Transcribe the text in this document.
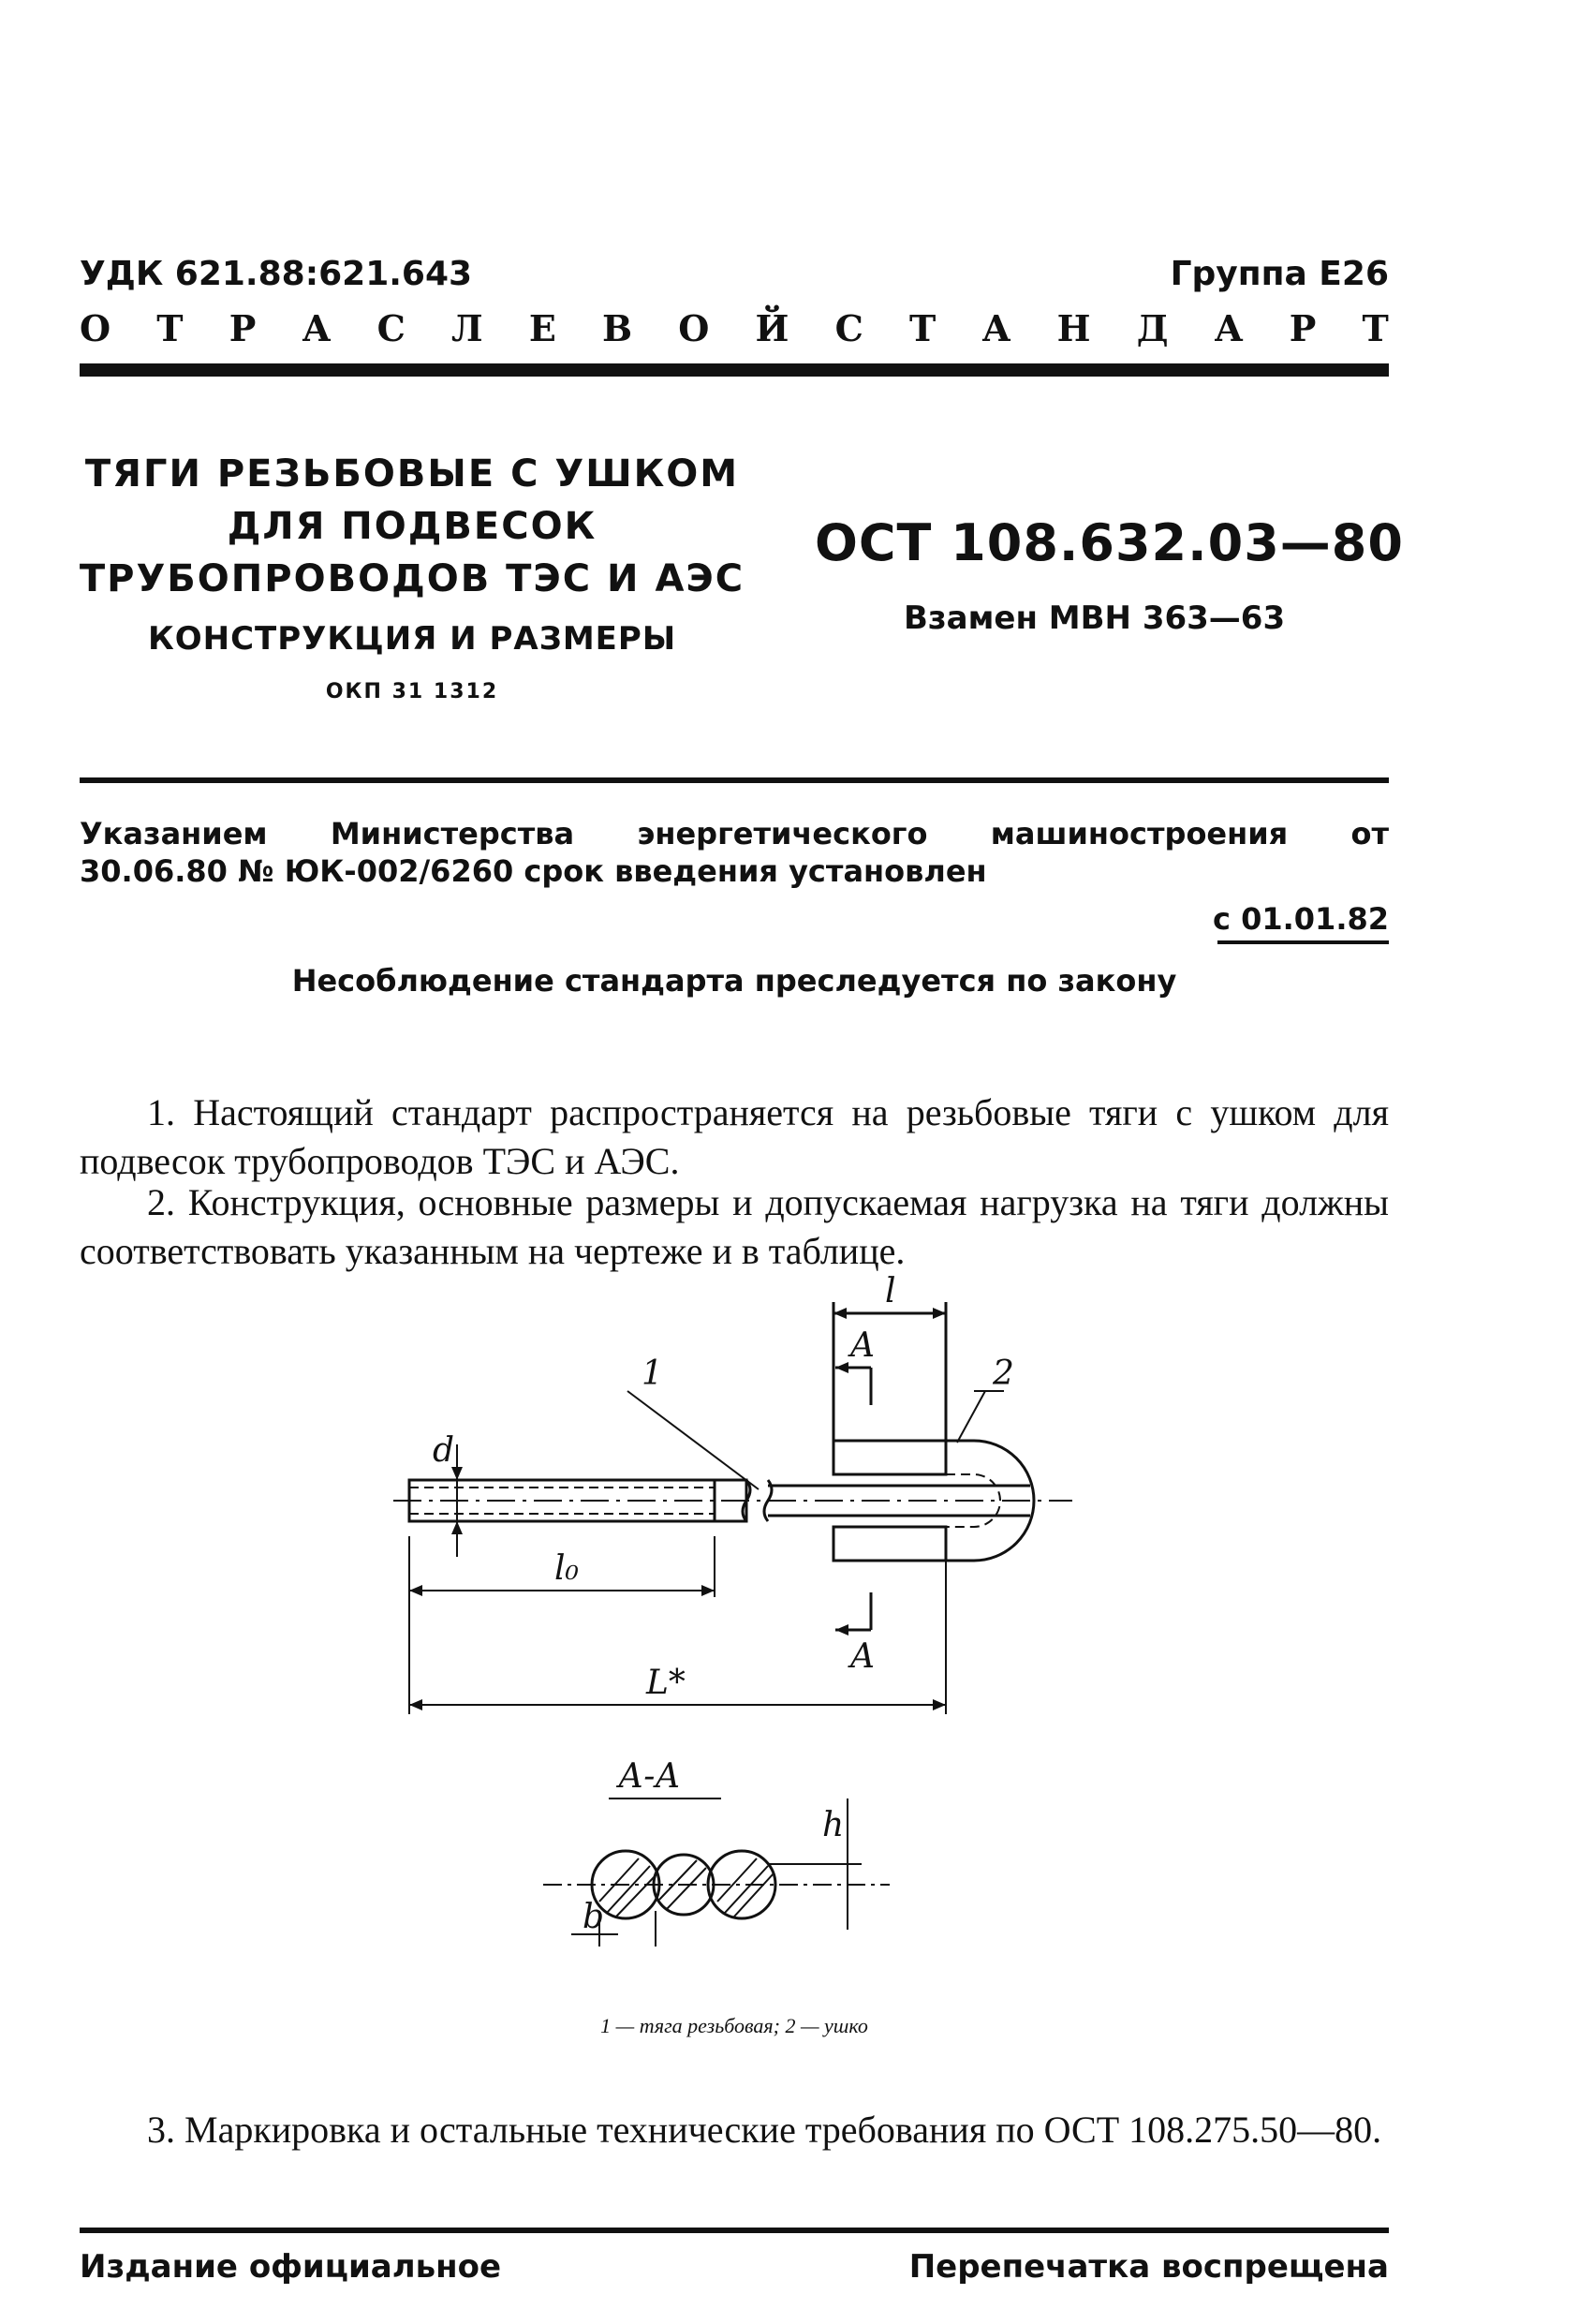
УДК 621.88:621.643	Группа Е26
О Т Р А С Л Е В О Й С Т А Н Д А Р Т
ТЯГИ РЕЗЬБОВЫЕ С УШКОМ
ДЛЯ ПОДВЕСОК
ТРУБОПРОВОДОВ ТЭС И АЭС
КОНСТРУКЦИЯ И РАЗМЕРЫ
ОКП 31 1312
ОСТ 108.632.03—80
Взамен МВН 363—63
Указанием Министерства энергетического машиностроения от
30.06.80 № ЮК-002/6260 срок введения установлен
с 01.01.82
Несоблюдение стандарта преследуется по закону
1. Настоящий стандарт распространяется на резьбовые тяги с ушком для подвесок трубопроводов ТЭС и АЭС.
2. Конструкция, основные размеры и допускаемая нагрузка на тяги должны соответствовать указанным на чертеже и в таблице.
l
A
A
1	2
d
l₀
L*
А-А
h
b
1 — тяга резьбовая; 2 — ушко
3. Маркировка и остальные технические требования по ОСТ 108.275.50—80.
Издание официальное	Перепечатка воспрещена
